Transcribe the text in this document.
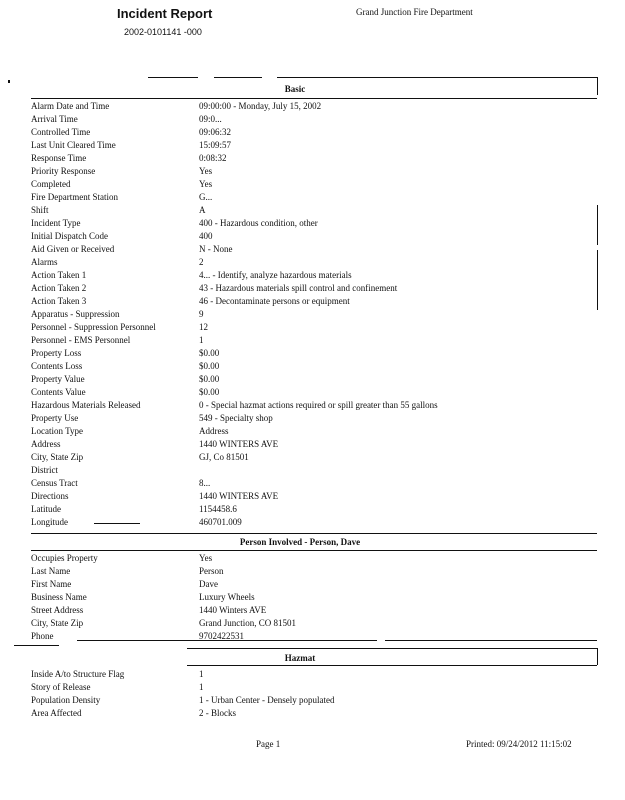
Incident Report
2002-0101141 -000
Grand Junction Fire Department
Basic
Alarm Date and Time	09:00:00 - Monday, July 15, 2002
Arrival Time	09:0...
Controlled Time	09:06:32
Last Unit Cleared Time	15:09:57
Response Time	0:08:32
Priority Response	Yes
Completed	Yes
Fire Department Station	G...
Shift	A
Incident Type	400 - Hazardous condition, other
Initial Dispatch Code	400
Aid Given or Received	N - None
Alarms	2
Action Taken 1	4... - Identify, analyze hazardous materials
Action Taken 2	43 - Hazardous materials spill control and confinement
Action Taken 3	46 - Decontaminate persons or equipment
Apparatus - Suppression	9
Personnel - Suppression Personnel	12
Personnel - EMS Personnel	1
Property Loss	$0.00
Contents Loss	$0.00
Property Value	$0.00
Contents Value	$0.00
Hazardous Materials Released	0 - Special hazmat actions required or spill greater than 55 gallons
Property Use	549 - Specialty shop
Location Type	Address
Address	1440 WINTERS AVE
City, State Zip	GJ, Co 81501
District
Census Tract	8...
Directions	1440 WINTERS AVE
Latitude	1154458.6
Longitude	460701.009
Person Involved - Person, Dave
Occupies Property	Yes
Last Name	Person
First Name	Dave
Business Name	Luxury Wheels
Street Address	1440 Winters AVE
City, State Zip	Grand Junction, CO 81501
Phone	9702422531
Hazmat
Inside A/to Structure Flag	1
Story of Release	1
Population Density	1 - Urban Center - Densely populated
Area Affected	2 - Blocks
Page 1	Printed: 09/24/2012 11:15:02
